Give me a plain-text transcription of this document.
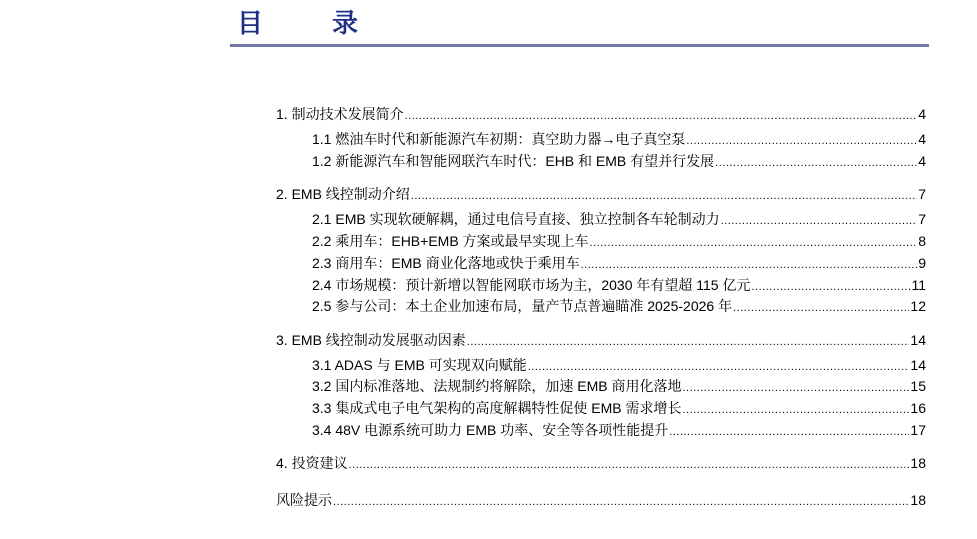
目 录
1. 制动技术发展简介 .....	4
1.1 燃油车时代和新能源汽车初期：真空助力器→电子真空泵 .....	4
1.2 新能源汽车和智能网联汽车时代：EHB 和 EMB 有望并行发展 .....	4
2. EMB 线控制动介绍 .....	7
2.1 EMB 实现软硬解耦，通过电信号直接、独立控制各车轮制动力 .....	7
2.2 乘用车：EHB+EMB 方案或最早实现上车 .....	8
2.3 商用车：EMB 商业化落地或快于乘用车 .....	9
2.4 市场规模：预计新增以智能网联市场为主，2030 年有望超 115 亿元 .....	11
2.5 参与公司：本土企业加速布局，量产节点普遍瞄准 2025-2026 年 .....	12
3. EMB 线控制动发展驱动因素 .....	14
3.1 ADAS 与 EMB 可实现双向赋能 .....	14
3.2 国内标准落地、法规制约将解除，加速 EMB 商用化落地 .....	15
3.3 集成式电子电气架构的高度解耦特性促使 EMB 需求增长 .....	16
3.4 48V 电源系统可助力 EMB 功率、安全等各项性能提升 .....	17
4. 投资建议 .....	18
风险提示 .....	18
